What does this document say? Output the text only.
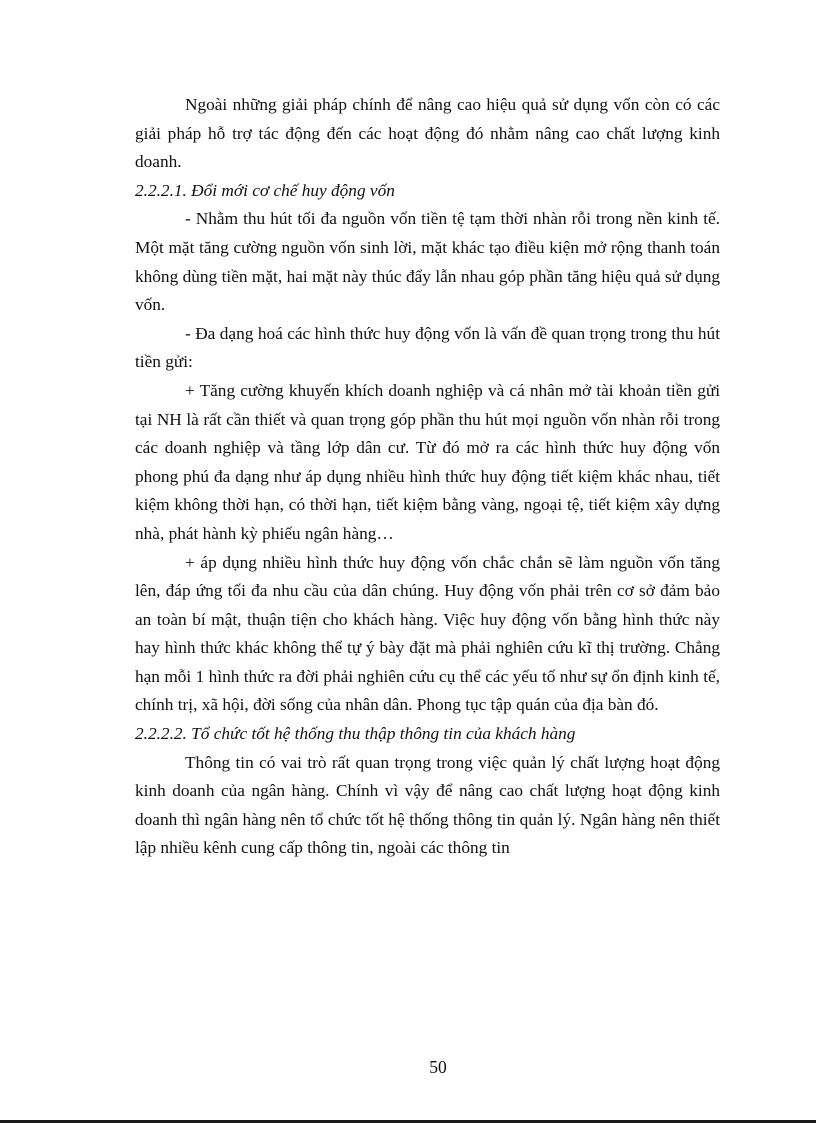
Ngoài những giải pháp chính để nâng cao hiệu quả sử dụng vốn còn có các giải pháp hỗ trợ tác động đến các hoạt động đó nhằm nâng cao chất lượng kinh doanh.

2.2.2.1. Đổi mới cơ chế huy động vốn

- Nhằm thu hút tối đa nguồn vốn tiền tệ tạm thời nhàn rỗi trong nền kinh tế. Một mặt tăng cường nguồn vốn sinh lời, mặt khác tạo điều kiện mở rộng thanh toán không dùng tiền mặt, hai mặt này thúc đẩy lẫn nhau góp phần tăng hiệu quả sử dụng vốn.

- Đa dạng hoá các hình thức huy động vốn là vấn đề quan trọng trong thu hút tiền gửi:

+ Tăng cường khuyến khích doanh nghiệp và cá nhân mở tài khoản tiền gửi tại NH là rất cần thiết và quan trọng góp phần thu hút mọi nguồn vốn nhàn rỗi trong các doanh nghiệp và tầng lớp dân cư. Từ đó mở ra các hình thức huy động vốn phong phú đa dạng như áp dụng nhiều hình thức huy động tiết kiệm khác nhau, tiết kiệm không thời hạn, có thời hạn, tiết kiệm bằng vàng, ngoại tệ, tiết kiệm xây dựng nhà, phát hành kỳ phiếu ngân hàng…

+ áp dụng nhiều hình thức huy động vốn chắc chắn sẽ làm nguồn vốn tăng lên, đáp ứng tối đa nhu cầu của dân chúng. Huy động vốn phải trên cơ sở đảm bảo an toàn bí mật, thuận tiện cho khách hàng. Việc huy động vốn bằng hình thức này hay hình thức khác không thể tự ý bày đặt mà phải nghiên cứu kĩ thị trường. Chẳng hạn mỗi 1 hình thức ra đời phải nghiên cứu cụ thể các yếu tố như sự ổn định kinh tế, chính trị, xã hội, đời sống của nhân dân. Phong tục tập quán của địa bàn đó.

2.2.2.2. Tổ chức tốt hệ thống thu thập thông tin của khách hàng

Thông tin có vai trò rất quan trọng trong việc quản lý chất lượng hoạt động kinh doanh của ngân hàng. Chính vì vậy để nâng cao chất lượng hoạt động kinh doanh thì ngân hàng nên tổ chức tốt hệ thống thông tin quản lý. Ngân hàng nên thiết lập nhiều kênh cung cấp thông tin, ngoài các thông tin

50
